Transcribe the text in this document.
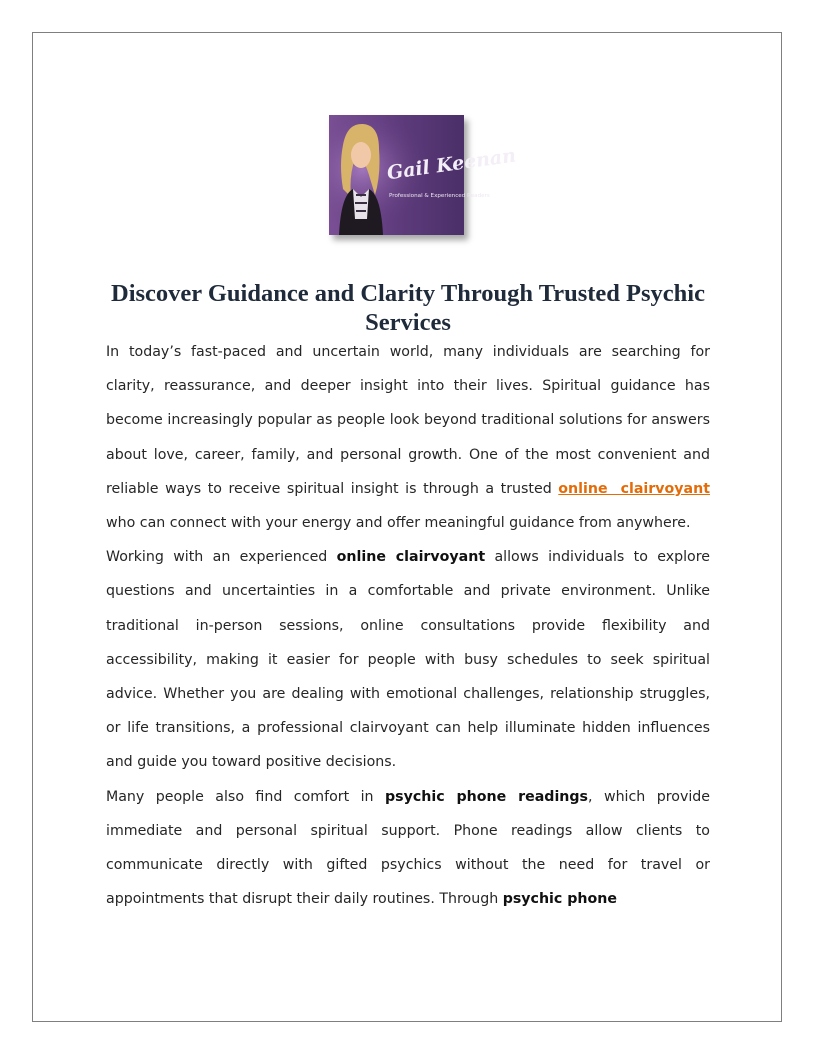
Gail Keenan
Professional & Experienced Readers
Discover Guidance and Clarity Through Trusted Psychic Services

In today’s fast-paced and uncertain world, many individuals are searching for clarity, reassurance, and deeper insight into their lives. Spiritual guidance has become increasingly popular as people look beyond traditional solutions for answers about love, career, family, and personal growth. One of the most convenient and reliable ways to receive spiritual insight is through a trusted online clairvoyant who can connect with your energy and offer meaningful guidance from anywhere.

Working with an experienced online clairvoyant allows individuals to explore questions and uncertainties in a comfortable and private environment. Unlike traditional in-person sessions, online consultations provide flexibility and accessibility, making it easier for people with busy schedules to seek spiritual advice. Whether you are dealing with emotional challenges, relationship struggles, or life transitions, a professional clairvoyant can help illuminate hidden influences and guide you toward positive decisions.

Many people also find comfort in psychic phone readings, which provide immediate and personal spiritual support. Phone readings allow clients to communicate directly with gifted psychics without the need for travel or appointments that disrupt their daily routines. Through psychic phone
